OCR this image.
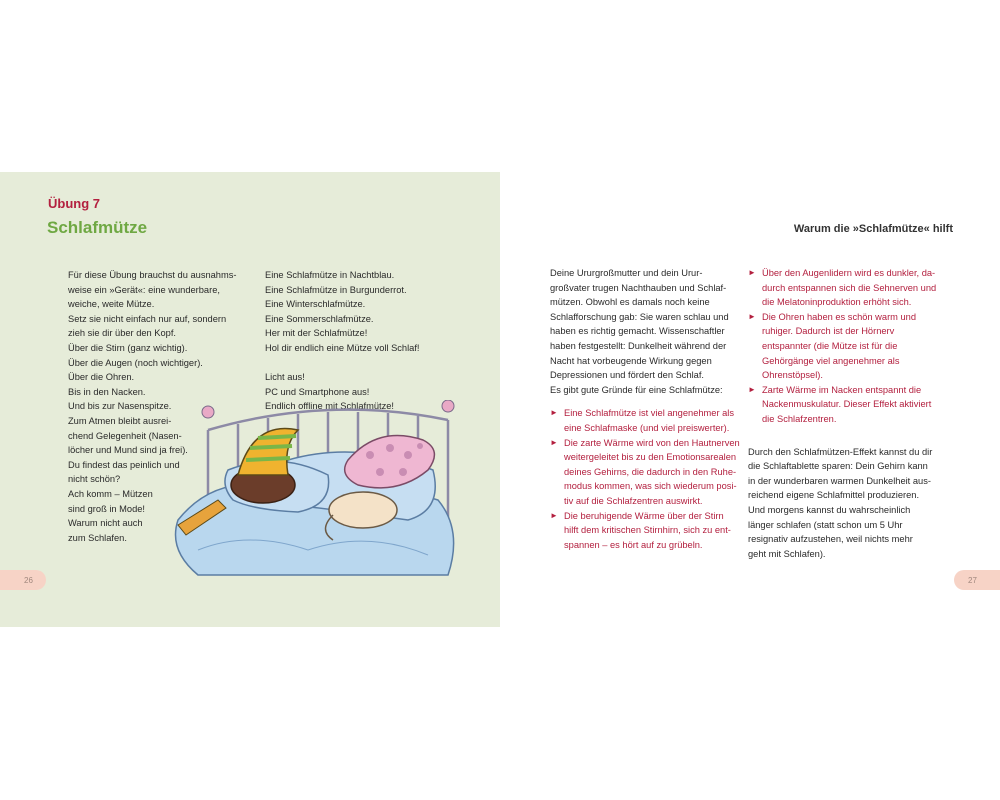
Übung 7
Schlafmütze
Für diese Übung brauchst du ausnahms-
weise ein »Gerät«: eine wunderbare,
weiche, weite Mütze.
Setz sie nicht einfach nur auf, sondern
zieh sie dir über den Kopf.
Über die Stirn (ganz wichtig).
Über die Augen (noch wichtiger).
Über die Ohren.
Bis in den Nacken.
Und bis zur Nasenspitze.
Zum Atmen bleibt ausrei-
chend Gelegenheit (Nasen-
löcher und Mund sind ja frei).
Du findest das peinlich und
nicht schön?
Ach komm – Mützen
sind groß in Mode!
Warum nicht auch
zum Schlafen.
Eine Schlafmütze in Nachtblau.
Eine Schlafmütze in Burgunderrot.
Eine Winterschlafmütze.
Eine Sommerschlafmütze.
Her mit der Schlafmütze!
Hol dir endlich eine Mütze voll Schlaf!
Licht aus!
PC und Smartphone aus!
Endlich offline mit Schlafmütze!
26
Warum die »Schlafmütze« hilft

Deine Ururgroßmutter und dein Urur-
großvater trugen Nachthauben und Schlaf-
mützen. Obwohl es damals noch keine
Schlafforschung gab: Sie waren schlau und
haben es richtig gemacht. Wissenschaftler
haben festgestellt: Dunkelheit während der
Nacht hat vorbeugende Wirkung gegen
Depressionen und fördert den Schlaf.
Es gibt gute Gründe für eine Schlafmütze:

► Eine Schlafmütze ist viel angenehmer als
eine Schlafmaske (und viel preiswerter).
► Die zarte Wärme wird von den Hautnerven
weitergeleitet bis zu den Emotionsarealen
deines Gehirns, die dadurch in den Ruhe-
modus kommen, was sich wiederum posi-
tiv auf die Schlafzentren auswirkt.
► Die beruhigende Wärme über der Stirn
hilft dem kritischen Stirnhirn, sich zu ent-
spannen – es hört auf zu grübeln.
► Über den Augenlidern wird es dunkler, da-
durch entspannen sich die Sehnerven und
die Melatoninproduktion erhöht sich.
► Die Ohren haben es schön warm und
ruhiger. Dadurch ist der Hörnerv
entspannter (die Mütze ist für die
Gehörgänge viel angenehmer als
Ohrenstöpsel).
► Zarte Wärme im Nacken entspannt die
Nackenmuskulatur. Dieser Effekt aktiviert
die Schlafzentren.

Durch den Schlafmützen-Effekt kannst du dir
die Schlaftablette sparen: Dein Gehirn kann
in der wunderbaren warmen Dunkelheit aus-
reichend eigene Schlafmittel produzieren.
Und morgens kannst du wahrscheinlich
länger schlafen (statt schon um 5 Uhr
resignativ aufzustehen, weil nichts mehr
geht mit Schlafen).

27
